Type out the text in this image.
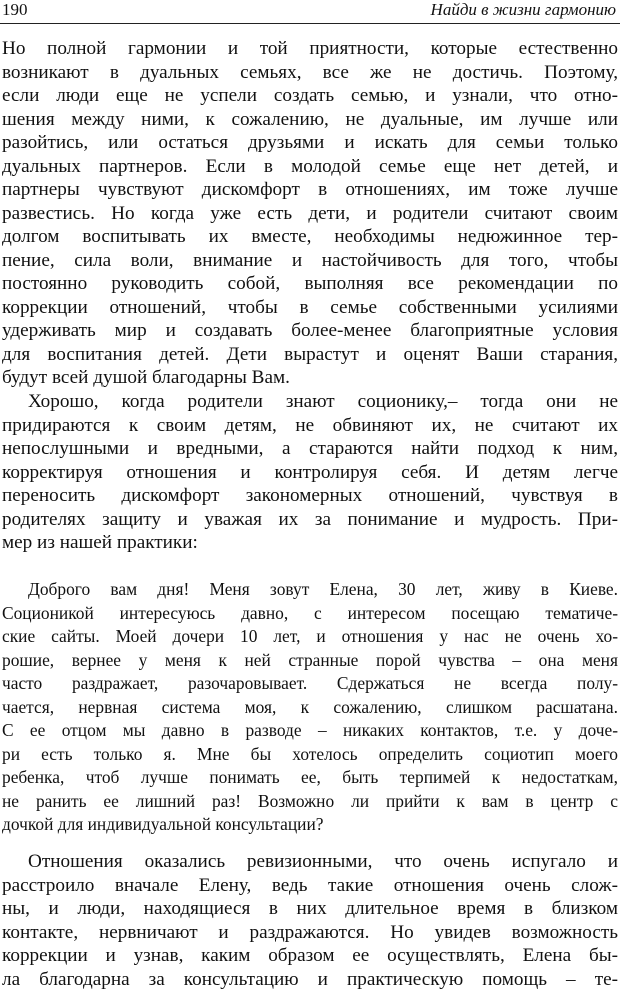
190	Найди в жизни гармонию
Но полной гармонии и той приятности, которые естественно
возникают в дуальных семьях, все же не достичь. Поэтому,
если люди еще не успели создать семью, и узнали, что отно-
шения между ними, к сожалению, не дуальные, им лучше или
разойтись, или остаться друзьями и искать для семьи только
дуальных партнеров. Если в молодой семье еще нет детей, и
партнеры чувствуют дискомфорт в отношениях, им тоже лучше
развестись. Но когда уже есть дети, и родители считают своим
долгом воспитывать их вместе, необходимы недюжинное тер-
пение, сила воли, внимание и настойчивость для того, чтобы
постоянно руководить собой, выполняя все рекомендации по
коррекции отношений, чтобы в семье собственными усилиями
удерживать мир и создавать более-менее благоприятные условия
для воспитания детей. Дети вырастут и оценят Ваши старания,
будут всей душой благодарны Вам.
Хорошо, когда родители знают соционику,– тогда они не
придираются к своим детям, не обвиняют их, не считают их
непослушными и вредными, а стараются найти подход к ним,
корректируя отношения и контролируя себя. И детям легче
переносить дискомфорт закономерных отношений, чувствуя в
родителях защиту и уважая их за понимание и мудрость. При-
мер из нашей практики:
Доброго вам дня! Меня зовут Елена, 30 лет, живу в Киеве.
Соционикой интересуюсь давно, с интересом посещаю тематиче-
ские сайты. Моей дочери 10 лет, и отношения у нас не очень хо-
рошие, вернее у меня к ней странные порой чувства – она меня
часто раздражает, разочаровывает. Сдержаться не всегда полу-
чается, нервная система моя, к сожалению, слишком расшатана.
С ее отцом мы давно в разводе – никаких контактов, т.е. у дочe-
ри есть только я. Мне бы хотелось определить социотип моего
ребенка, чтоб лучше понимать ее, быть терпимей к недостаткам,
не ранить ее лишний раз! Возможно ли прийти к вам в центр с
дочкой для индивидуальной консультации?
Отношения оказались ревизионными, что очень испугало и
расстроило вначале Елену, ведь такие отношения очень слож-
ны, и люди, находящиеся в них длительное время в близком
контакте, нервничают и раздражаются. Но увидев возможность
коррекции и узнав, каким образом ее осуществлять, Елена бы-
ла благодарна за консультацию и практическую помощь – те-
